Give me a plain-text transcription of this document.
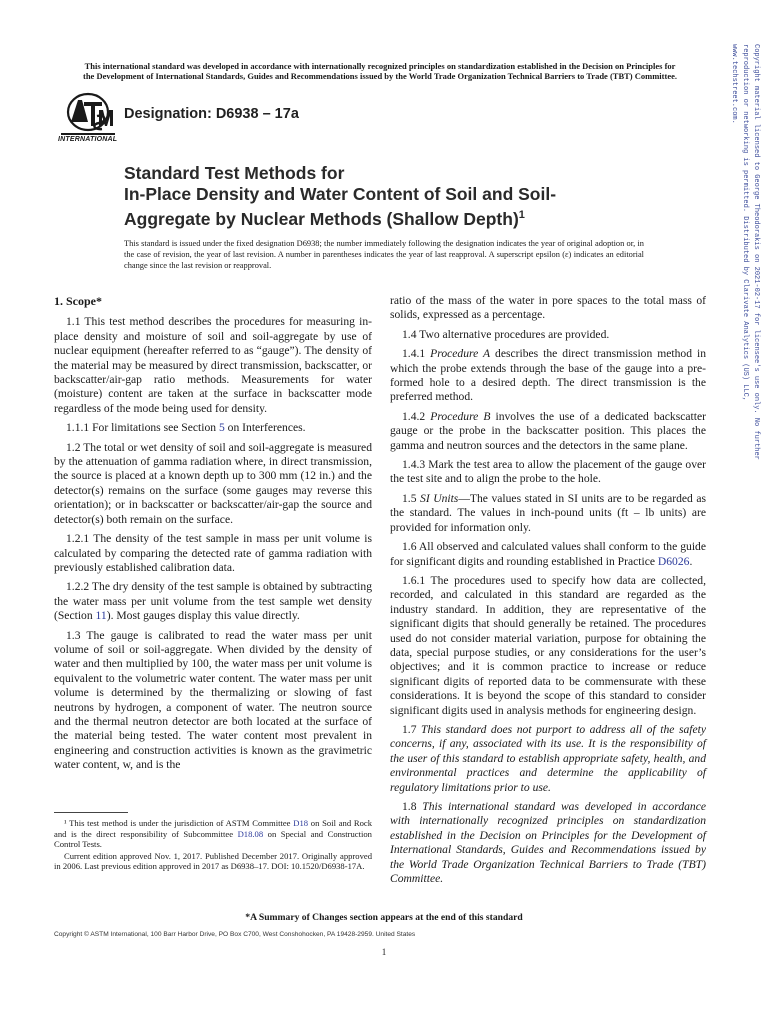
This international standard was developed in accordance with internationally recognized principles on standardization established in the Decision on Principles for the Development of International Standards, Guides and Recommendations issued by the World Trade Organization Technical Barriers to Trade (TBT) Committee.
INTERNATIONAL
Designation: D6938 – 17a
Standard Test Methods for
In-Place Density and Water Content of Soil and Soil-
Aggregate by Nuclear Methods (Shallow Depth)$^1$
This standard is issued under the fixed designation D6938; the number immediately following the designation indicates the year of original adoption or, in the case of revision, the year of last revision. A number in parentheses indicates the year of last reapproval. A superscript epsilon (ε) indicates an editorial change since the last revision or reapproval.	Copyright material licensed to George Theodorakis on 2021-02-17 for licensee's use only. No further reproduction or networking is permitted. Distributed by Clarivate Analytics (US) LLC, www.techstreet.com.
1. Scope*

1.1 This test method describes the procedures for measuring in-place density and moisture of soil and soil-aggregate by use of nuclear equipment (hereafter referred to as “gauge”). The density of the material may be measured by direct transmission, backscatter, or backscatter/air-gap ratio methods. Measurements for water (moisture) content are taken at the surface in backscatter mode regardless of the mode being used for density.

1.1.1 For limitations see Section 5 on Interferences.

1.2 The total or wet density of soil and soil-aggregate is measured by the attenuation of gamma radiation where, in direct transmission, the source is placed at a known depth up to 300 mm (12 in.) and the detector(s) remains on the surface (some gauges may reverse this orientation); or in backscatter or backscatter/air-gap the source and detector(s) both remain on the surface.

1.2.1 The density of the test sample in mass per unit volume is calculated by comparing the detected rate of gamma radiation with previously established calibration data.

1.2.2 The dry density of the test sample is obtained by subtracting the water mass per unit volume from the test sample wet density (Section 11). Most gauges display this value directly.

1.3 The gauge is calibrated to read the water mass per unit volume of soil or soil-aggregate. When divided by the density of water and then multiplied by 100, the water mass per unit volume is equivalent to the volumetric water content. The water mass per unit volume is determined by the thermalizing or slowing of fast neutrons by hydrogen, a component of water. The neutron source and the thermal neutron detector are both located at the surface of the material being tested. The water content most prevalent in engineering and construction activities is known as the gravimetric water content, w, and is the

ratio of the mass of the water in pore spaces to the total mass of solids, expressed as a percentage.

1.4 Two alternative procedures are provided.

1.4.1 Procedure A describes the direct transmission method in which the probe extends through the base of the gauge into a pre-formed hole to a desired depth. The direct transmission is the preferred method.

1.4.2 Procedure B involves the use of a dedicated backscatter gauge or the probe in the backscatter position. This places the gamma and neutron sources and the detectors in the same plane.

1.4.3 Mark the test area to allow the placement of the gauge over the test site and to align the probe to the hole.

1.5 SI Units—The values stated in SI units are to be regarded as the standard. The values in inch-pound units (ft – lb units) are provided for information only.

1.6 All observed and calculated values shall conform to the guide for significant digits and rounding established in Practice D6026.

1.6.1 The procedures used to specify how data are collected, recorded, and calculated in this standard are regarded as the industry standard. In addition, they are representative of the significant digits that should generally be retained. The procedures used do not consider material variation, purpose for obtaining the data, special purpose studies, or any considerations for the user’s objectives; and it is common practice to increase or reduce significant digits of reported data to be commensurate with these considerations. It is beyond the scope of this standard to consider significant digits used in analysis methods for engineering design.

1.7 This standard does not purport to address all of the safety concerns, if any, associated with its use. It is the responsibility of the user of this standard to establish appropriate safety, health, and environmental practices and determine the applicability of regulatory limitations prior to use.

1.8 This international standard was developed in accordance with internationally recognized principles on standardization established in the Decision on Principles for the Development of International Standards, Guides and Recommendations issued by the World Trade Organization Technical Barriers to Trade (TBT) Committee.

¹ This test method is under the jurisdiction of ASTM Committee D18 on Soil and Rock and is the direct responsibility of Subcommittee D18.08 on Special and Construction Control Tests.

Current edition approved Nov. 1, 2017. Published December 2017. Originally approved in 2006. Last previous edition approved in 2017 as D6938–17. DOI: 10.1520/D6938-17A.

*A Summary of Changes section appears at the end of this standard
Copyright © ASTM International, 100 Barr Harbor Drive, PO Box C700, West Conshohocken, PA 19428-2959. United States
1
